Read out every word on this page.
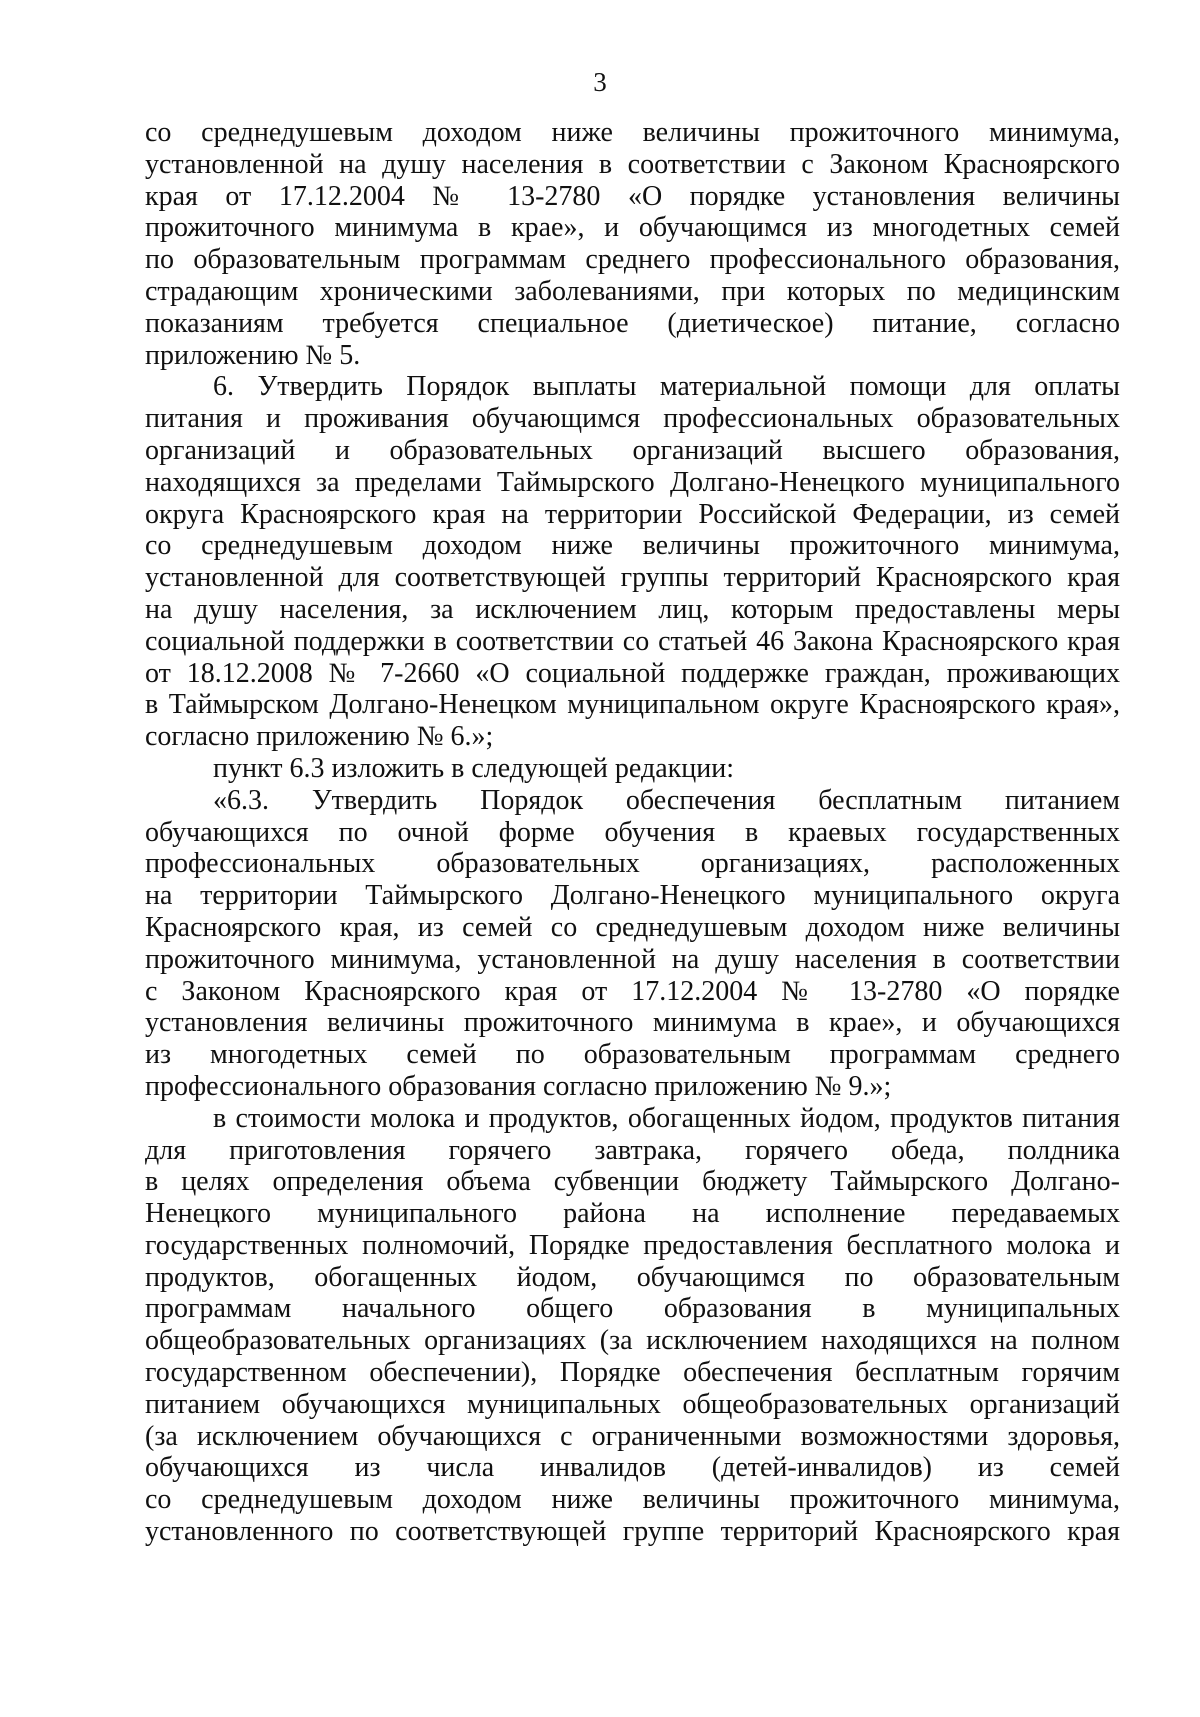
3
со среднедушевым доходом ниже величины прожиточного минимума,
установленной на душу населения в соответствии с Законом Красноярского
края от 17.12.2004 № 13-2780 «О порядке установления величины
прожиточного минимума в крае», и обучающимся из многодетных семей
по образовательным программам среднего профессионального образования,
страдающим хроническими заболеваниями, при которых по медицинским
показаниям требуется специальное (диетическое) питание, согласно
приложению № 5.
6. Утвердить Порядок выплаты материальной помощи для оплаты
питания и проживания обучающимся профессиональных образовательных
организаций и образовательных организаций высшего образования,
находящихся за пределами Таймырского Долгано-Ненецкого муниципального
округа Красноярского края на территории Российской Федерации, из семей
со среднедушевым доходом ниже величины прожиточного минимума,
установленной для соответствующей группы территорий Красноярского края
на душу населения, за исключением лиц, которым предоставлены меры
социальной поддержки в соответствии со статьей 46 Закона Красноярского края
от 18.12.2008 № 7-2660 «О социальной поддержке граждан, проживающих
в Таймырском Долгано-Ненецком муниципальном округе Красноярского края»,
согласно приложению № 6.»;
пункт 6.3 изложить в следующей редакции:
«6.3. Утвердить Порядок обеспечения бесплатным питанием
обучающихся по очной форме обучения в краевых государственных
профессиональных образовательных организациях, расположенных
на территории Таймырского Долгано-Ненецкого муниципального округа
Красноярского края, из семей со среднедушевым доходом ниже величины
прожиточного минимума, установленной на душу населения в соответствии
с Законом Красноярского края от 17.12.2004 № 13-2780 «О порядке
установления величины прожиточного минимума в крае», и обучающихся
из многодетных семей по образовательным программам среднего
профессионального образования согласно приложению № 9.»;
в стоимости молока и продуктов, обогащенных йодом, продуктов питания
для приготовления горячего завтрака, горячего обеда, полдника
в целях определения объема субвенции бюджету Таймырского Долгано-
Ненецкого муниципального района на исполнение передаваемых
государственных полномочий, Порядке предоставления бесплатного молока и
продуктов, обогащенных йодом, обучающимся по образовательным
программам начального общего образования в муниципальных
общеобразовательных организациях (за исключением находящихся на полном
государственном обеспечении), Порядке обеспечения бесплатным горячим
питанием обучающихся муниципальных общеобразовательных организаций
(за исключением обучающихся с ограниченными возможностями здоровья,
обучающихся из числа инвалидов (детей-инвалидов) из семей
со среднедушевым доходом ниже величины прожиточного минимума,
установленного по соответствующей группе территорий Красноярского края
